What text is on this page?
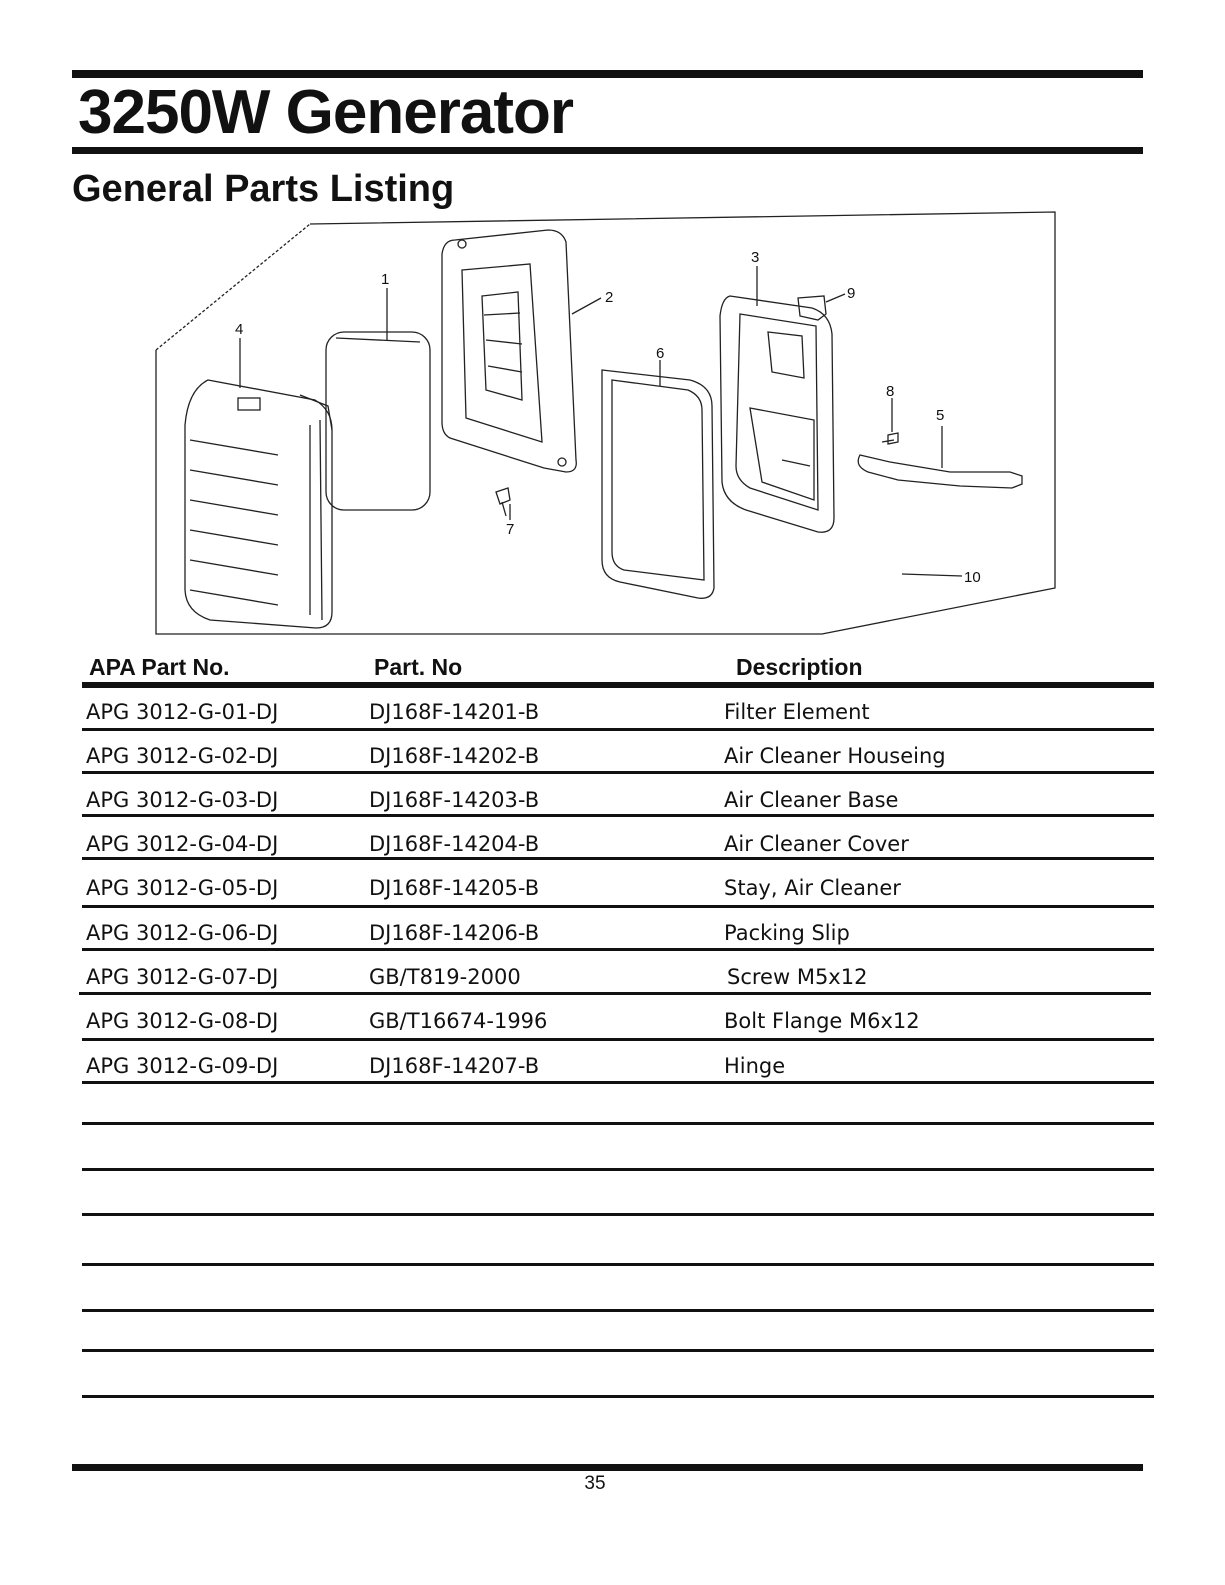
3250W Generator
General Parts Listing
1
2
3
4
5
6
7
8
9
10
APA Part No.	Part. No	Description
APG 3012-G-01-DJ	DJ168F-14201-B	Filter Element
APG 3012-G-02-DJ	DJ168F-14202-B	Air Cleaner Houseing
APG 3012-G-03-DJ	DJ168F-14203-B	Air Cleaner Base
APG 3012-G-04-DJ	DJ168F-14204-B	Air Cleaner Cover
APG 3012-G-05-DJ	DJ168F-14205-B	Stay, Air Cleaner
APG 3012-G-06-DJ	DJ168F-14206-B	Packing Slip
APG 3012-G-07-DJ	GB/T819-2000	Screw M5x12
APG 3012-G-08-DJ	GB/T16674-1996	Bolt Flange M6x12
APG 3012-G-09-DJ	DJ168F-14207-B	Hinge
35
